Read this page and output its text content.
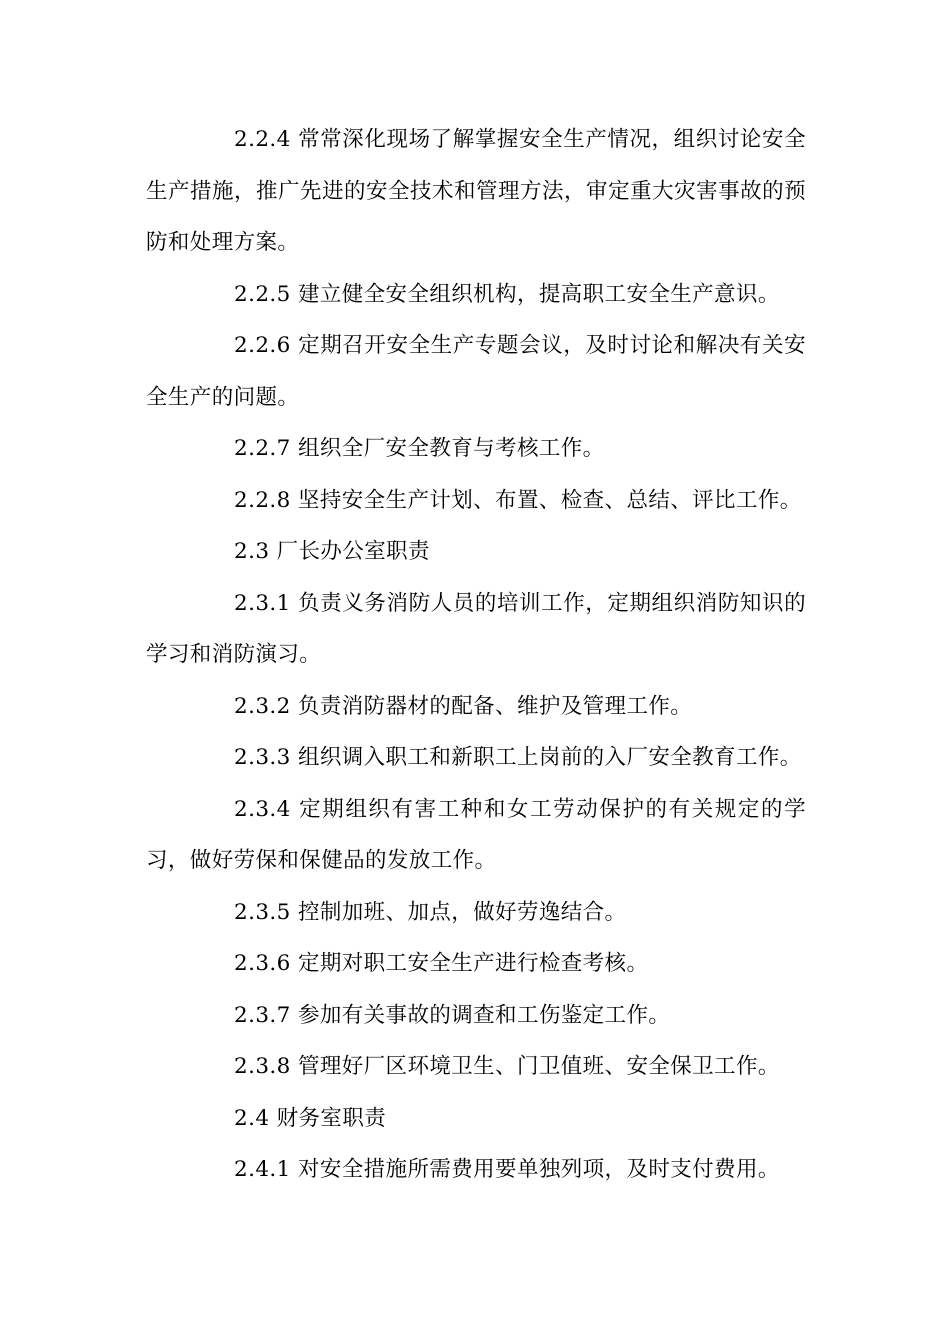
2.2.4 常常深化现场了解掌握安全生产情况，组织讨论安全生产措施，推广先进的安全技术和管理方法，审定重大灾害事故的预防和处理方案。

2.2.5 建立健全安全组织机构，提高职工安全生产意识。

2.2.6 定期召开安全生产专题会议，及时讨论和解决有关安全生产的问题。

2.2.7 组织全厂安全教育与考核工作。

2.2.8 坚持安全生产计划、布置、检查、总结、评比工作。

2.3 厂长办公室职责

2.3.1 负责义务消防人员的培训工作，定期组织消防知识的学习和消防演习。

2.3.2 负责消防器材的配备、维护及管理工作。

2.3.3 组织调入职工和新职工上岗前的入厂安全教育工作。

2.3.4 定期组织有害工种和女工劳动保护的有关规定的学习，做好劳保和保健品的发放工作。

2.3.5 控制加班、加点，做好劳逸结合。

2.3.6 定期对职工安全生产进行检查考核。

2.3.7 参加有关事故的调查和工伤鉴定工作。

2.3.8 管理好厂区环境卫生、门卫值班、安全保卫工作。

2.4 财务室职责

2.4.1 对安全措施所需费用要单独列项，及时支付费用。
